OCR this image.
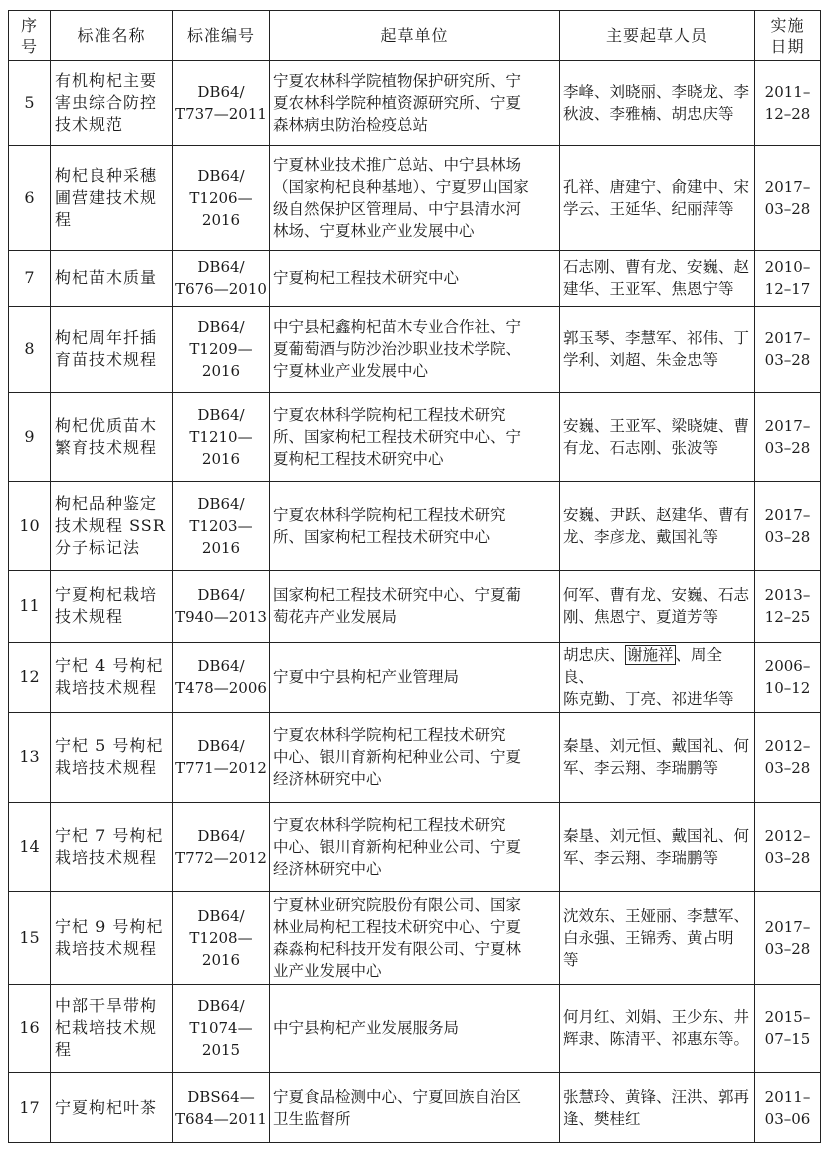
序
号	标准名称	标准编号	起草单位	主要起草人员	实施
日期

5	有机枸杞主要
害虫综合防控
技术规范	DB64/
T737—2011	宁夏农林科学院植物保护研究所、宁
夏农林科学院种植资源研究所、宁夏
森林病虫防治检疫总站	李峰、刘晓丽、李晓龙、李
秋波、李雅楠、胡忠庆等	2011–
12–28
6	枸杞良种采穗
圃营建技术规
程	DB64/
T1206—
2016	宁夏林业技术推广总站、中宁县林场
（国家枸杞良种基地）、宁夏罗山国家
级自然保护区管理局、中宁县清水河
林场、宁夏林业产业发展中心	孔祥、唐建宁、俞建中、宋
学云、王延华、纪丽萍等	2017–
03–28
7	枸杞苗木质量	DB64/
T676—2010	宁夏枸杞工程技术研究中心	石志刚、曹有龙、安巍、赵
建华、王亚军、焦恩宁等	2010–
12–17
8	枸杞周年扦插
育苗技术规程	DB64/
T1209—
2016	中宁县杞鑫枸杞苗木专业合作社、宁
夏葡萄酒与防沙治沙职业技术学院、
宁夏林业产业发展中心	郭玉琴、李慧军、祁伟、丁
学利、刘超、朱金忠等	2017–
03–28
9	枸杞优质苗木
繁育技术规程	DB64/
T1210—
2016	宁夏农林科学院枸杞工程技术研究
所、国家枸杞工程技术研究中心、宁
夏枸杞工程技术研究中心	安巍、王亚军、梁晓婕、曹
有龙、石志刚、张波等	2017–
03–28
10	枸杞品种鉴定
技术规程 SSR
分子标记法	DB64/
T1203—
2016	宁夏农林科学院枸杞工程技术研究
所、国家枸杞工程技术研究中心	安巍、尹跃、赵建华、曹有
龙、李彦龙、戴国礼等	2017–
03–28
11	宁夏枸杞栽培
技术规程	DB64/
T940—2013	国家枸杞工程技术研究中心、宁夏葡
萄花卉产业发展局	何军、曹有龙、安巍、石志
刚、焦恩宁、夏道芳等	2013–
12–25
12	宁杞 4 号枸杞
栽培技术规程	DB64/
T478—2006	宁夏中宁县枸杞产业管理局	胡忠庆、 谢施祥 、周全良、
陈克勤、丁亮、祁进华等	2006–
10–12
13	宁杞 5 号枸杞
栽培技术规程	DB64/
T771—2012	宁夏农林科学院枸杞工程技术研究
中心、银川育新枸杞种业公司、宁夏
经济林研究中心	秦垦、刘元恒、戴国礼、何
军、李云翔、李瑞鹏等	2012–
03–28
14	宁杞 7 号枸杞
栽培技术规程	DB64/
T772—2012	宁夏农林科学院枸杞工程技术研究
中心、银川育新枸杞种业公司、宁夏
经济林研究中心	秦垦、刘元恒、戴国礼、何
军、李云翔、李瑞鹏等	2012–
03–28
15	宁杞 9 号枸杞
栽培技术规程	DB64/
T1208—
2016	宁夏林业研究院股份有限公司、国家
林业局枸杞工程技术研究中心、宁夏
森淼枸杞科技开发有限公司、宁夏林
业产业发展中心	沈效东、王娅丽、李慧军、
白永强、王锦秀、黄占明
等	2017–
03–28
16	中部干旱带枸
杞栽培技术规
程	DB64/
T1074—
2015	中宁县枸杞产业发展服务局	何月红、刘娟、王少东、井
辉隶、陈清平、祁惠东等。	2015–
07–15
17	宁夏枸杞叶茶	DBS64—
T684—2011	宁夏食品检测中心、宁夏回族自治区
卫生监督所	张慧玲、黄锋、汪洪、郭再
逢、樊桂红	2011–
03–06
